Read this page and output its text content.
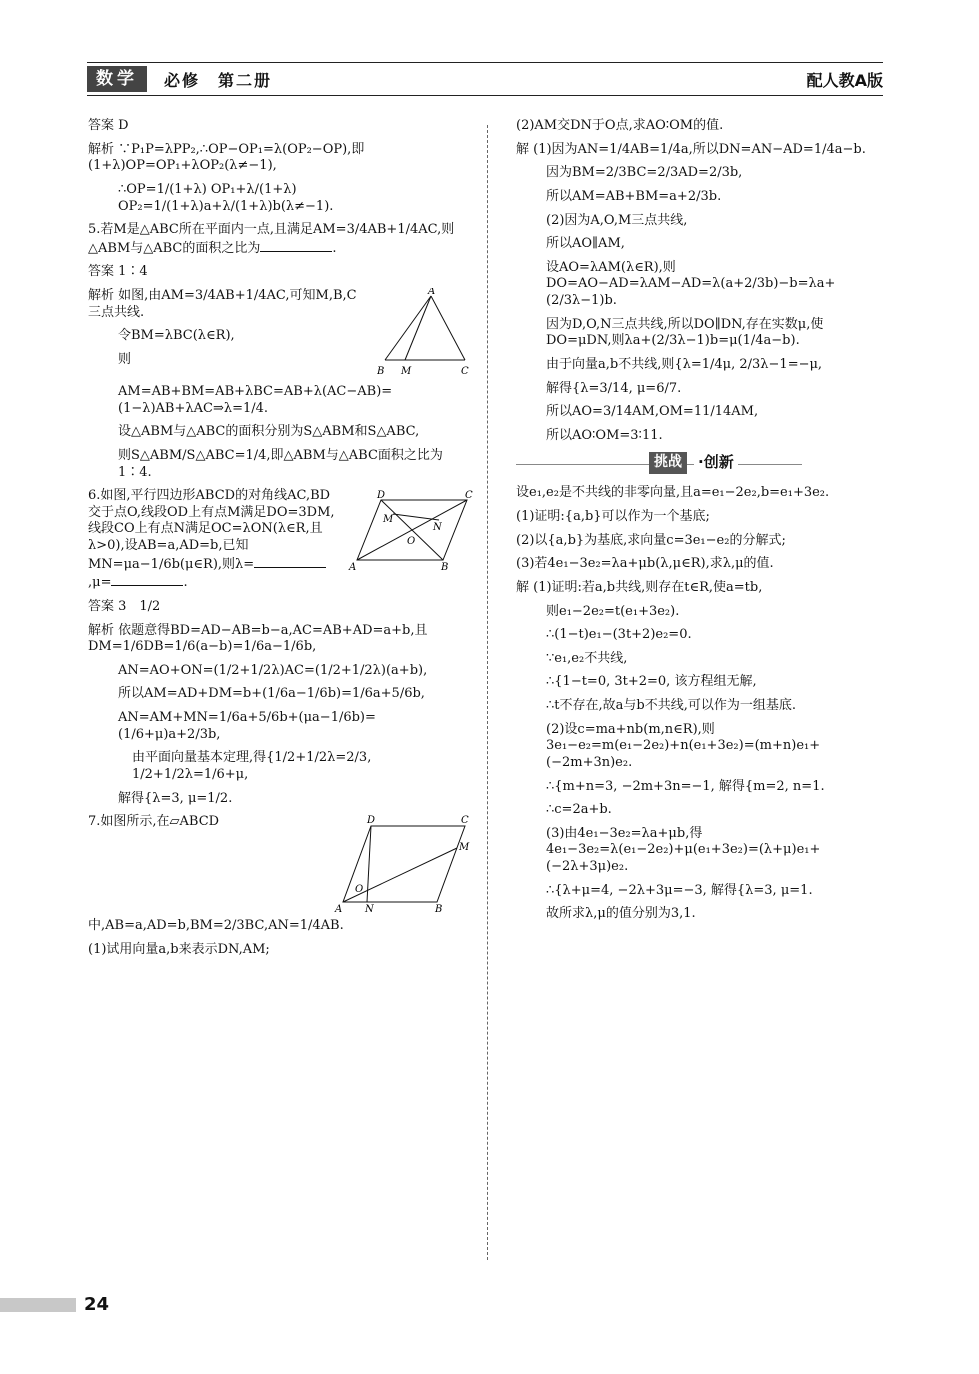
数学	必修　第二册	配人教A版

答案 D

解析 ∵P₁P=λPP₂,∴OP−OP₁=λ(OP₂−OP),即(1+λ)OP=OP₁+λOP₂(λ≠−1),

∴OP=1/(1+λ) OP₁+λ/(1+λ) OP₂=1/(1+λ)a+λ/(1+λ)b(λ≠−1).

5.若M是△ABC所在平面内一点,且满足AM=3/4AB+1/4AC,则△ABM与△ABC的面积之比为	.

答案 1∶4

A
B M	C

解析 如图,由AM=3/4AB+1/4AC,可知M,B,C三点共线.

令BM=λBC(λ∈R),

则AM=AB+BM=AB+λBC=AB+λ(AC−AB)=(1−λ)AB+λAC⇒λ=1/4.

设△ABM与△ABC的面积分别为S△ABM和S△ABC,

则S△ABM/S△ABC=1/4,即△ABM与△ABC面积之比为1∶4.

D	C
M
N
O
A	B

6.如图,平行四边形ABCD的对角线AC,BD交于点O,线段OD上有点M满足DO=3DM,线段CO上有点N满足OC=λON(λ∈R,且λ>0),设AB=a,AD=b,已知MN=μa−1/6b(μ∈R),则λ=,μ=	.

答案 3　1/2

解析 依题意得BD=AD−AB=b−a,AC=AB+AD=a+b,且DM=1/6DB=1/6(a−b)=1/6a−1/6b,

AN=AO+ON=(1/2+1/2λ)AC=(1/2+1/2λ)(a+b),

所以AM=AD+DM=b+(1/6a−1/6b)=1/6a+5/6b,

AN=AM+MN=1/6a+5/6b+(μa−1/6b)=(1/6+μ)a+2/3b,

由平面向量基本定理,得{1/2+1/2λ=2/3, 1/2+1/2λ=1/6+μ,

解得{λ=3, μ=1/2.

D	C
M
O
A N	B

7.如图所示,在▱ABCD中,AB=a,AD=b,BM=2/3BC,AN=1/4AB.

(1)试用向量a,b来表示DN,AM;

(2)AM交DN于O点,求AO∶OM的值.

解 (1)因为AN=1/4AB=1/4a,所以DN=AN−AD=1/4a−b.

因为BM=2/3BC=2/3AD=2/3b,

所以AM=AB+BM=a+2/3b.

(2)因为A,O,M三点共线,

所以AO∥AM,

设AO=λAM(λ∈R),则DO=AO−AD=λAM−AD=λ(a+2/3b)−b=λa+(2/3λ−1)b.

因为D,O,N三点共线,所以DO∥DN,存在实数μ,使DO=μDN,则λa+(2/3λ−1)b=μ(1/4a−b).

由于向量a,b不共线,则{λ=1/4μ, 2/3λ−1=−μ,

解得{λ=3/14, μ=6/7.

所以AO=3/14AM,OM=11/14AM,

所以AO∶OM=3∶11.

挑战	·创新

设e₁,e₂是不共线的非零向量,且a=e₁−2e₂,b=e₁+3e₂.

(1)证明:{a,b}可以作为一个基底;

(2)以{a,b}为基底,求向量c=3e₁−e₂的分解式;

(3)若4e₁−3e₂=λa+μb(λ,μ∈R),求λ,μ的值.

解 (1)证明:若a,b共线,则存在t∈R,使a=tb,

则e₁−2e₂=t(e₁+3e₂).

∴(1−t)e₁−(3t+2)e₂=0.

∵e₁,e₂不共线,

∴{1−t=0, 3t+2=0, 该方程组无解,

∴t不存在,故a与b不共线,可以作为一组基底.

(2)设c=ma+nb(m,n∈R),则3e₁−e₂=m(e₁−2e₂)+n(e₁+3e₂)=(m+n)e₁+(−2m+3n)e₂.

∴{m+n=3, −2m+3n=−1, 解得{m=2, n=1.

∴c=2a+b.

(3)由4e₁−3e₂=λa+μb,得4e₁−3e₂=λ(e₁−2e₂)+μ(e₁+3e₂)=(λ+μ)e₁+(−2λ+3μ)e₂.

∴{λ+μ=4, −2λ+3μ=−3, 解得{λ=3, μ=1.

故所求λ,μ的值分别为3,1.

24
